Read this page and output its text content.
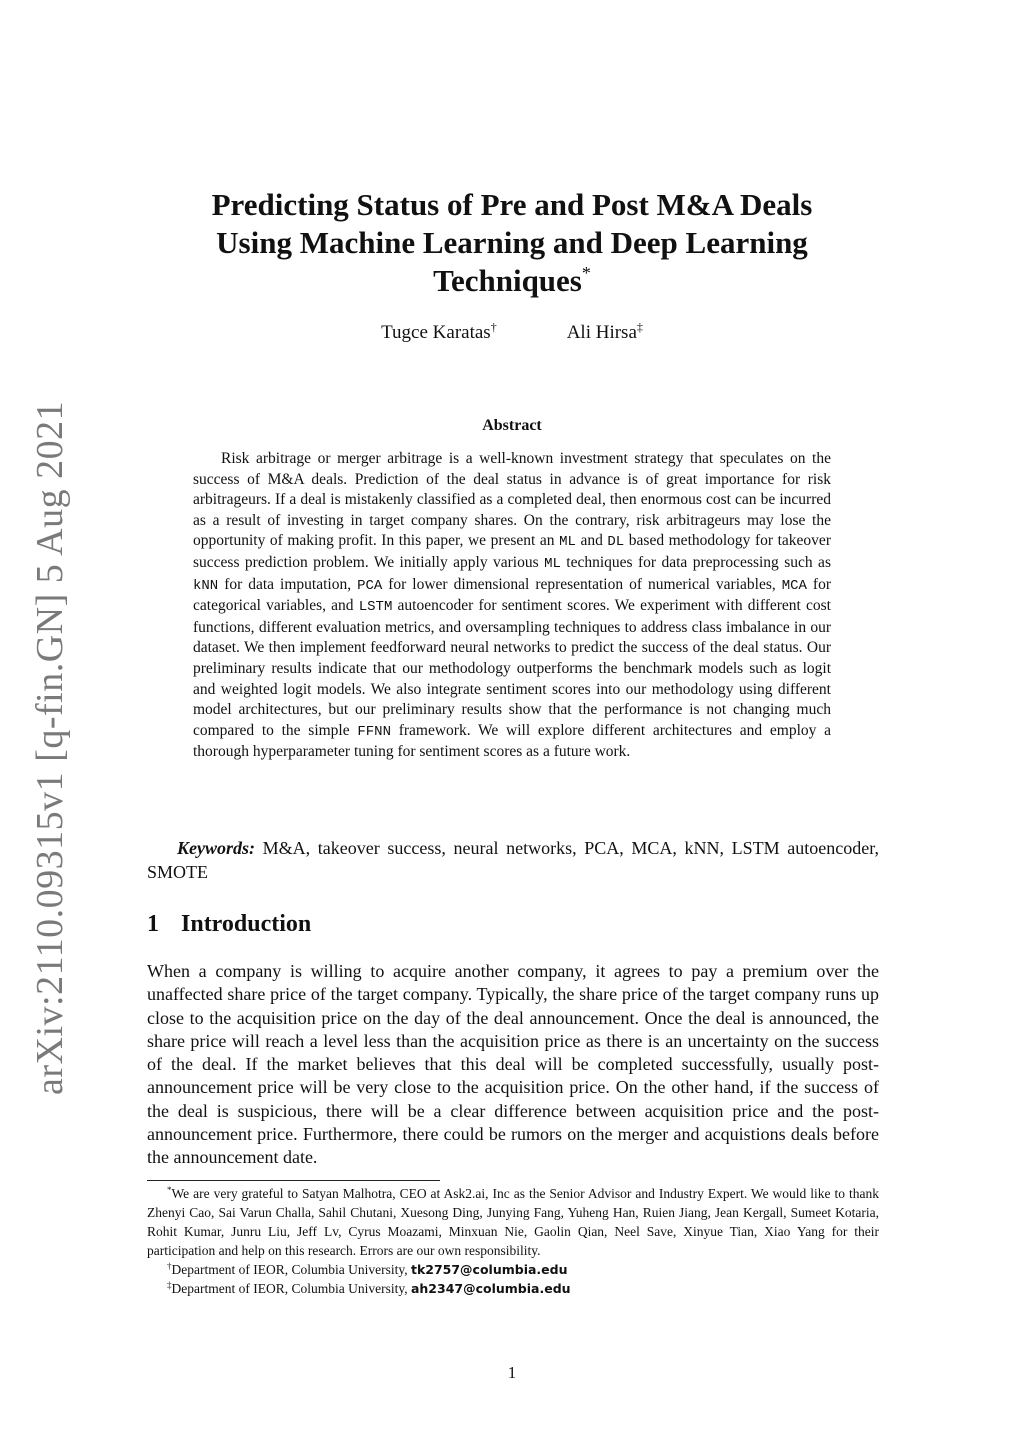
arXiv:2110.09315v1 [q-fin.GN] 5 Aug 2021
Predicting Status of Pre and Post M&A Deals
Using Machine Learning and Deep Learning
Techniques*
Tugce Karatas†	Ali Hirsa‡
Abstract

Risk arbitrage or merger arbitrage is a well-known investment strategy that speculates on the success of M&A deals. Prediction of the deal status in advance is of great importance for risk arbitrageurs. If a deal is mistakenly classified as a completed deal, then enormous cost can be incurred as a result of investing in target company shares. On the contrary, risk arbitrageurs may lose the opportunity of making profit. In this paper, we present an ML and DL based methodology for takeover success prediction problem. We initially apply various ML techniques for data preprocessing such as kNN for data imputation, PCA for lower dimensional representation of numerical variables, MCA for categorical variables, and LSTM autoencoder for sentiment scores. We experiment with different cost functions, different evaluation metrics, and oversampling techniques to address class imbalance in our dataset. We then implement feedforward neural networks to predict the success of the deal status. Our preliminary results indicate that our methodology outperforms the benchmark models such as logit and weighted logit models. We also integrate sentiment scores into our methodology using different model architectures, but our preliminary results show that the performance is not changing much compared to the simple FFNN framework. We will explore different architectures and employ a thorough hyperparameter tuning for sentiment scores as a future work.

Keywords: M&A, takeover success, neural networks, PCA, MCA, kNN, LSTM autoencoder, SMOTE

1 Introduction

When a company is willing to acquire another company, it agrees to pay a premium over the unaffected share price of the target company. Typically, the share price of the target company runs up close to the acquisition price on the day of the deal announcement. Once the deal is announced, the share price will reach a level less than the acquisition price as there is an uncertainty on the success of the deal. If the market believes that this deal will be completed successfully, usually post-announcement price will be very close to the acquisition price. On the other hand, if the success of the deal is suspicious, there will be a clear difference between acquisition price and the post-announcement price. Furthermore, there could be rumors on the merger and acquistions deals before the announcement date.

*We are very grateful to Satyan Malhotra, CEO at Ask2.ai, Inc as the Senior Advisor and Industry Expert. We would like to thank Zhenyi Cao, Sai Varun Challa, Sahil Chutani, Xuesong Ding, Junying Fang, Yuheng Han, Ruien Jiang, Jean Kergall, Sumeet Kotaria, Rohit Kumar, Junru Liu, Jeff Lv, Cyrus Moazami, Minxuan Nie, Gaolin Qian, Neel Save, Xinyue Tian, Xiao Yang for their participation and help on this research. Errors are our own responsibility.

†Department of IEOR, Columbia University, tk2757@columbia.edu

‡Department of IEOR, Columbia University, ah2347@columbia.edu

1
